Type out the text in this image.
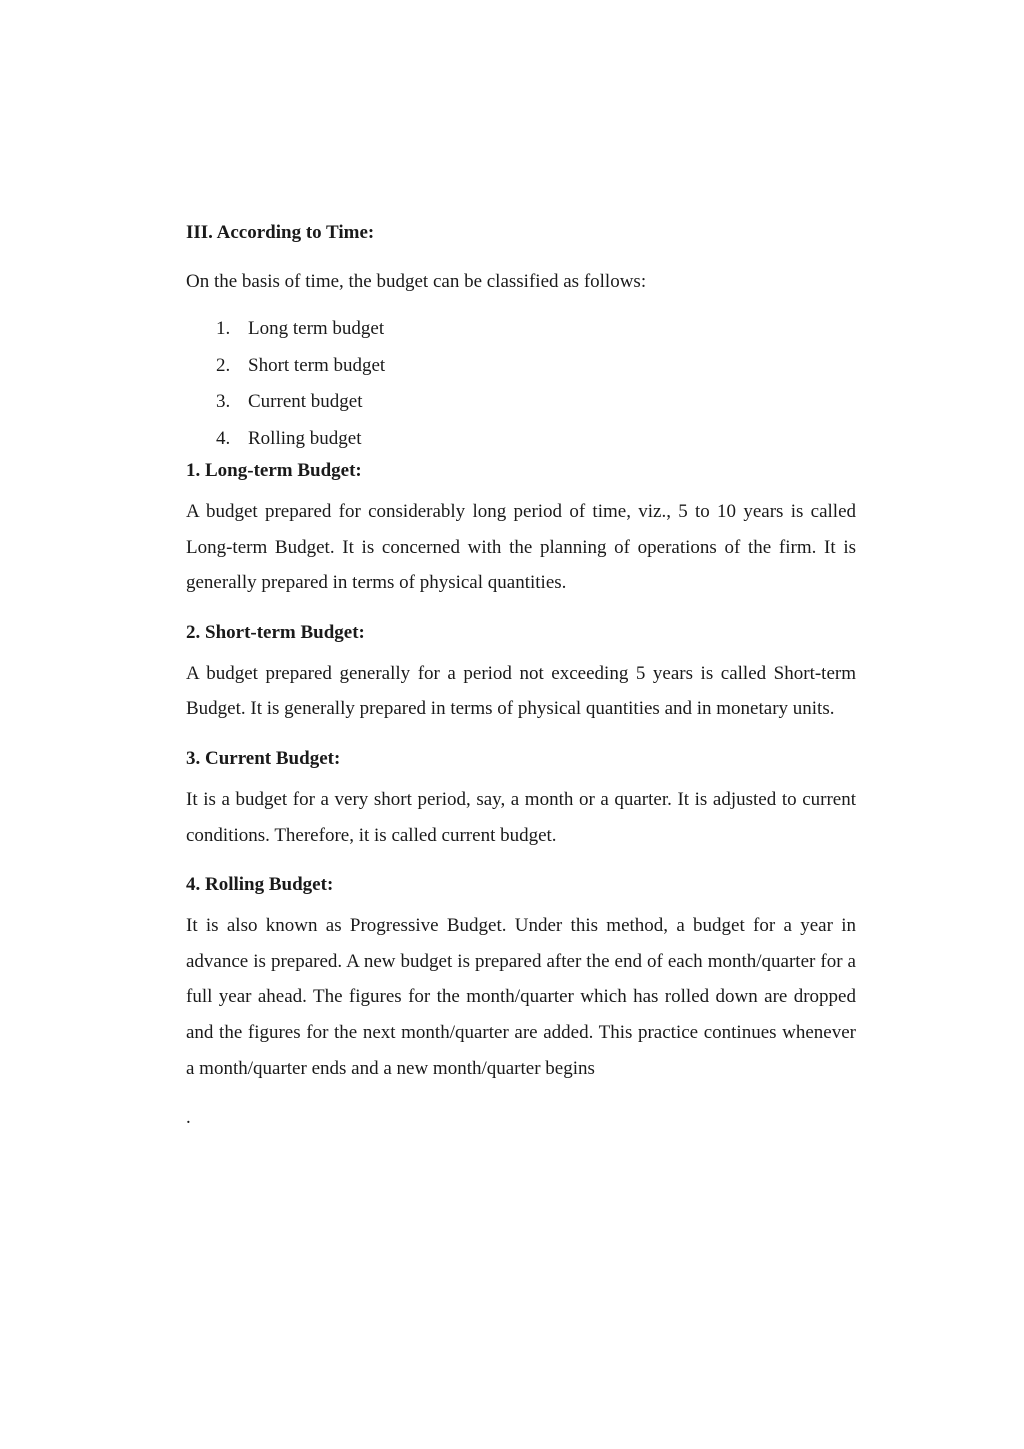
III. According to Time:

On the basis of time, the budget can be classified as follows:

1. Long term budget
2. Short term budget
3. Current budget
4. Rolling budget
1. Long-term Budget:

A budget prepared for considerably long period of time, viz., 5 to 10 years is called Long-term Budget. It is concerned with the planning of operations of the firm. It is generally prepared in terms of physical quantities.

2. Short-term Budget:

A budget prepared generally for a period not exceeding 5 years is called Short-term Budget. It is generally prepared in terms of physical quantities and in monetary units.

3. Current Budget:

It is a budget for a very short period, say, a month or a quarter. It is adjusted to current conditions. Therefore, it is called current budget.

4. Rolling Budget:

It is also known as Progressive Budget. Under this method, a budget for a year in advance is prepared. A new budget is prepared after the end of each month/quarter for a full year ahead. The figures for the month/quarter which has rolled down are dropped and the figures for the next month/quarter are added. This practice continues whenever a month/quarter ends and a new month/quarter begins

.
